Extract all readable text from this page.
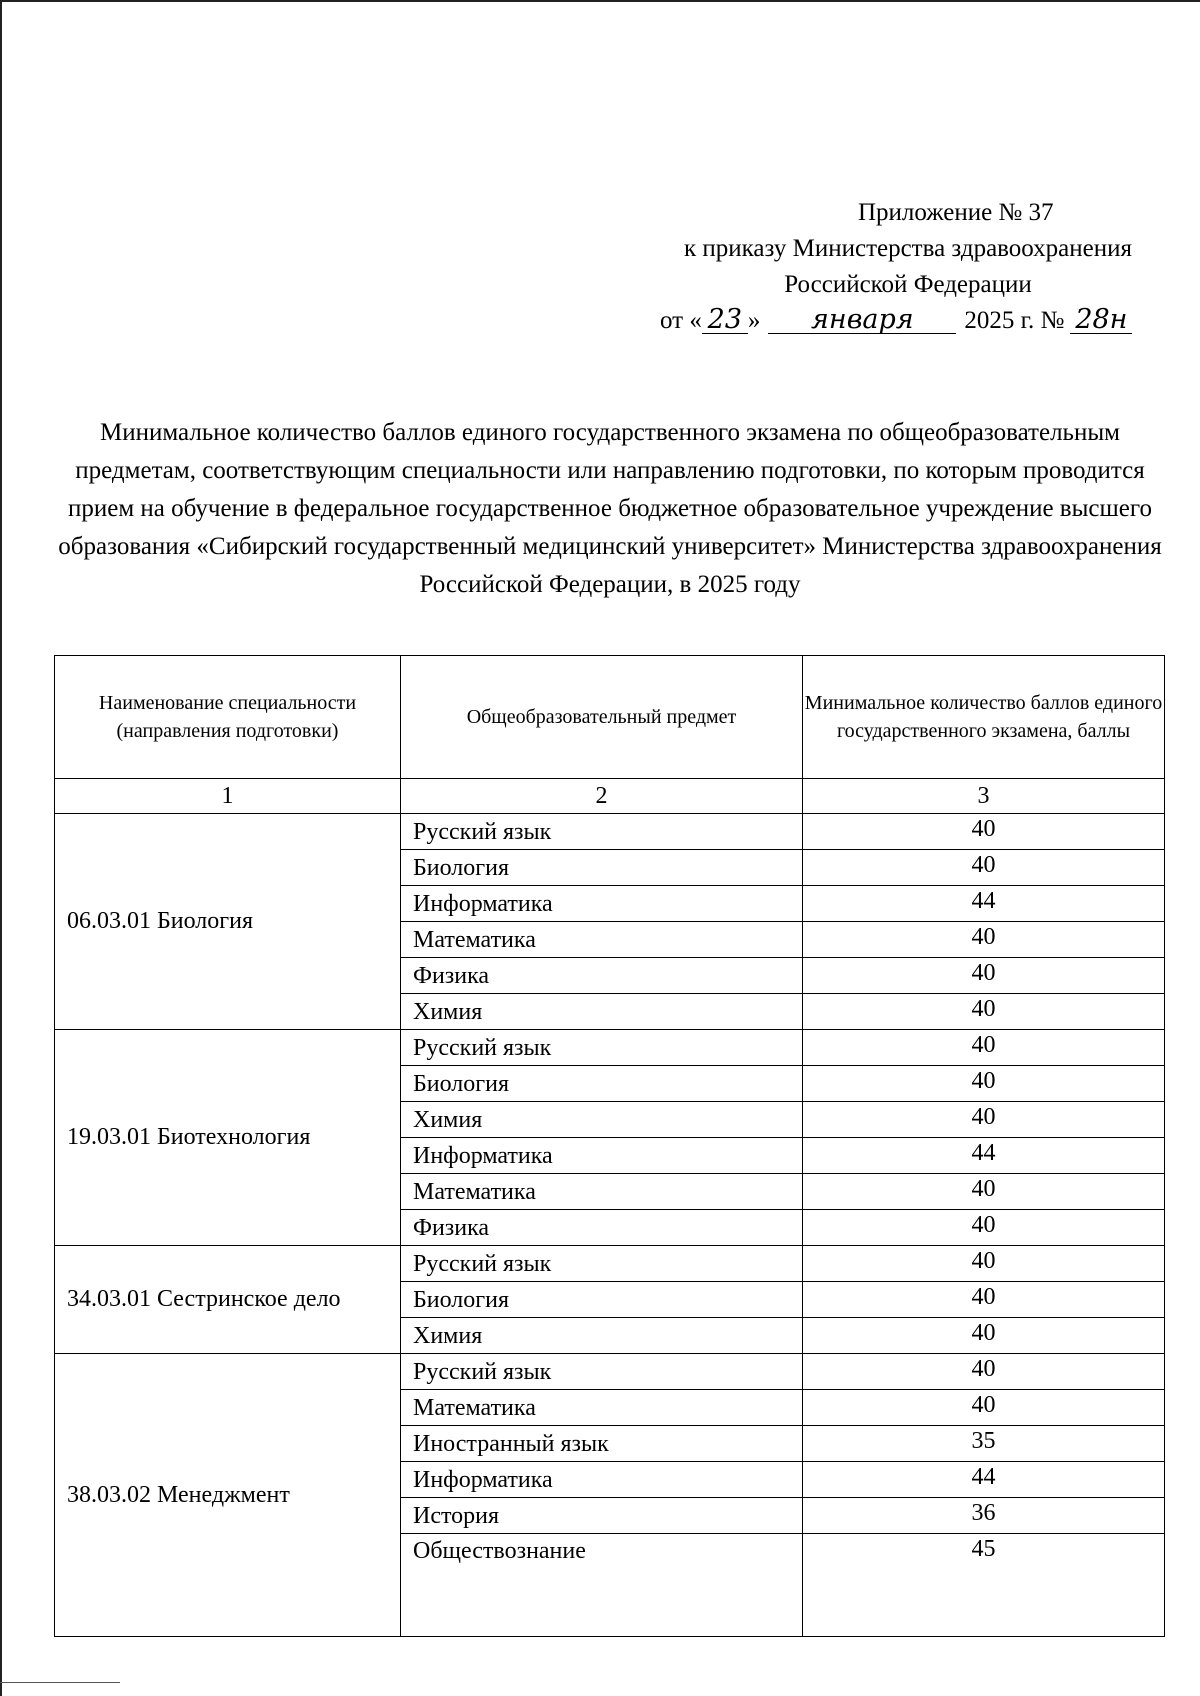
Приложение № 37
к приказу Министерства здравоохранения
Российской Федерации
от « 23 » января 2025 г. № 28н
Минимальное количество баллов единого государственного экзамена по общеобразовательным предметам, соответствующим специальности или направлению подготовки, по которым проводится прием на обучение в федеральное государственное бюджетное образовательное учреждение высшего образования «Сибирский государственный медицинский университет» Министерства здравоохранения Российской Федерации, в 2025 году
Наименование специальности (направления подготовки)	Общеобразовательный предмет	Минимальное количество баллов единого государственного экзамена, баллы
1	2	3
06.03.01 Биология	Русский язык	40
	Биология	40
	Информатика	44
	Математика	40
	Физика	40
	Химия	40
19.03.01 Биотехнология	Русский язык	40
	Биология	40
	Химия	40
	Информатика	44
	Математика	40
	Физика	40
34.03.01 Сестринское дело	Русский язык	40
	Биология	40
	Химия	40
38.03.02 Менеджмент	Русский язык	40
	Математика	40
	Иностранный язык	35
	Информатика	44
	История	36
	Обществознание	45
